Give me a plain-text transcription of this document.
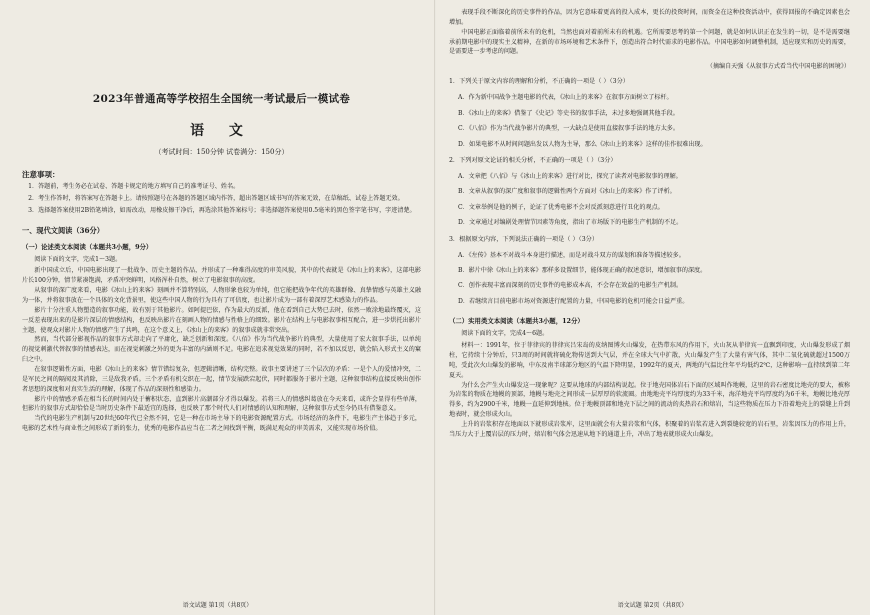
2023年普通高等学校招生全国统一考试最后一模试卷
语 文
（考试时间：150分钟 试卷满分：150分）
注意事项：

1．答题前，考生务必在试卷、答题卡规定的地方填写自己的准考证号、姓名。

2．考生作答时，将答案写在答题卡上。请按照题号在各题的答题区域内作答，超出答题区域书写的答案无效，在草稿纸、试卷上答题无效。

3．选择题答案使用2B铅笔填涂，如需改动，用橡皮擦干净后，再选涂其他答案标号；非选择题答案使用0.5毫米的黑色签字笔书写，字迹清楚。

一、现代文阅读（36分）
（一）论述类文本阅读（本题共3小题，9分）

阅读下面的文字，完成1～3题。

新中国成立后，中国电影出现了一批战争、历史主题的作品，并形成了一种难得高度的审美风貌，其中的代表就是《冰山上的来客》，这部电影片长100分钟，情节紧凑饱满，矛盾冲突鲜明，风格浑朴自然，树立了电影叙事的高度。

从叙事的深广度来看，电影《冰山上的来客》刻画并不算特别高，人物形象也较为单纯，但它能把战争年代的英雄群像、真挚情感与英雄主义融为一体，并将叙事放在一个具体的文化背景里，使这些中国人物的行为具有了可信度，也让影片成为一部有着深厚艺术感染力的作品。

影片十分注重人物塑造的叙事功能，故有别于其他影片。如阿提巴依，作为最大的反派，他在看到自己大势已去时，依然一败涂地最终覆灭，这一反差表现出来的是影片深层的情感结构，也反映出影片在刻画人物的情感与性格上的细致。影片在结构上与电影叙事相互配合，进一步烘托出影片主题，使观众对影片人物的情感产生了共鸣，在这个意义上，《冰山上的来客》的叙事成就非常突出。

然而，当代部分影视作品的叙事方式却走向了平庸化，缺乏创新和深度。《八佰》作为当代战争影片的典型，大量使用了宏大叙事手法，以单纯的视觉刺激代替叙事的情感表达，而在视觉刺激之外的更为丰富的内涵则不足。电影在追求视觉效果的同时，若不加以反思，就会陷入形式主义的窠臼之中。

在叙事逻辑性方面，电影《冰山上的来客》情节错综复杂，但逻辑清晰，结构完整。故事主要讲述了三个层次的矛盾：一是个人的爱情冲突，二是军民之间的隔阂及其消除，三是敌我矛盾。三个矛盾有机交织在一起，情节发展跌宕起伏，同时都服务于影片主题，这种叙事结构直接反映出创作者思想的深度和对真实生活的理解，体现了作品的深刻性和感染力。

影片中的情感矛盾在相当长的时间内处于蓄积状态，直到影片高潮部分才得以爆发。若将三人的情感纠葛放在今天来看，或许会显得有些单薄，但影片的叙事方式却恰恰是当时历史条件下最适宜的选择，也反映了那个时代人们对情感的认知和理解，这种叙事方式至今仍具有借鉴意义。

当代的电影生产机制与20世纪60年代已全然不同，它是一种在市场主导下的电影资源配置方式。市场经济的条件下，电影生产主体趋于多元，电影的艺术性与商业性之间形成了新的张力，优秀的电影作品应当在二者之间找到平衡，既满足观众的审美需求，又能实现市场价值。

语文试题 第1页（共8页）

表现手段不断深化的历史事件的作品，因为它意味着更高的投入成本，更长的投资时间，而资金在这种投资活动中，获得回报的不确定因素也会增加。

中国电影正面临着前所未有的危机，当然也面对着前所未有的机遇。它所需要思考的第一个问题，就是如何认识正在发生的一切，是不是需要继承前期电影中的现实主义精神，在新的市场环境和艺术条件下，创造出符合时代需求的电影作品。中国电影如何调整机制，适应现实和历史的需要，是需要进一步考虑的问题。

（摘编自天强《从叙事方式看当代中国电影的困境》）
1．下列关于原文内容的理解和分析，不正确的一项是（ ）（3分）
A．作为新中国战争主题电影的代表，《冰山上的来客》在叙事方面树立了标杆。
B．《冰山上的来客》借鉴了《史记》等史书的叙事手法，未过多地强调其他手段。
C．《八佰》作为当代战争影片的典型，一大缺点是使用直接叙事手法的地方太多。
D．如果电影不从时间问题出发以人物为主导，那么《冰山上的来客》这样的佳作很难出现。
2．下列对原文论证的相关分析，不正确的一项是（ ）（3分）
A．文章把《八佰》与《冰山上的来客》进行对比，探究了读者对电影叙事的理解。
B．文章从叙事的深广度和叙事的逻辑性两个方面对《冰山上的来客》作了评析。
C．文章举例是他的例子，论证了优秀电影不会对反派刻意进行丑化的观点。
D．文章通过对编剧处理情节因素等角度，指出了市场版下的电影生产机制的不足。
3．根据原文内容，下列说法正确的一项是（ ）（3分）
A．《左传》基本不对战斗本身进行描述，而是对战斗双方的谋划和准备等描述较多。
B．影片中徐《冰山上的来客》那样多设置细节，能体现正确的叙述意识，增加叙事的深度。
C．创作表现丰富而深刻的历史事件的电影成本高，不会存在效益的电影生产机制。
D．若继续言目前电影市场对资源进行配置的力量，中国电影的危机可能会日益严重。
（二）实用类文本阅读（本题共3小题，12分）

阅读下面的文字，完成4～6题。

材料一：1991年，位于菲律宾的菲律宾吕宋岛的皮纳图博火山爆发，在热带东风的作用下，火山灰从菲律宾一直飘到印度，火山爆发形成了烟柱，它持续十分钟后，只3周的时间就将硫化物传送到大气层，并在全球大气中扩散，火山爆发产生了大量有害气体，其中二氧化硫就超过1500万吨，受此次火山爆发的影响，中东及南半球部分地区的气温下降明显，1992年的夏天，两地的气温比往年平均低约2℃，这种影响一直持续到第二年夏天。

为什么会产生火山爆发这一现象呢？这要从地球的内部结构说起。位于地壳国体岩石下面的区域叫作地幔，这里的岩石密度比地壳的要大，被称为岩浆的物质在地幔的顶部，地幔与地壳之间形成一层厚厚的软流圈。由地地壳平均厚度约为33千米，海洋地壳平均厚度约为6千米，地幔比地壳厚得多，约为2900千米，地幔一直延伸到地核。位于地幔顶部和地壳下层之间的流动的炙热岩石和熔岩，当这些物质在压力下沿着地壳上的裂缝上升到地表时，就会形成火山。

上升的岩浆积存在地面以下就形成岩浆库，这里面就会有大量岩浆和气体，积聚着的岩浆若进入到裂缝较宽的岩石里，岩浆因压力的作用上升，当压力大于上覆岩层的压力时，熔岩和气体会迅速从地下的通道上升，冲出了地表就形成火山爆发。

语文试题 第2页（共8页）
